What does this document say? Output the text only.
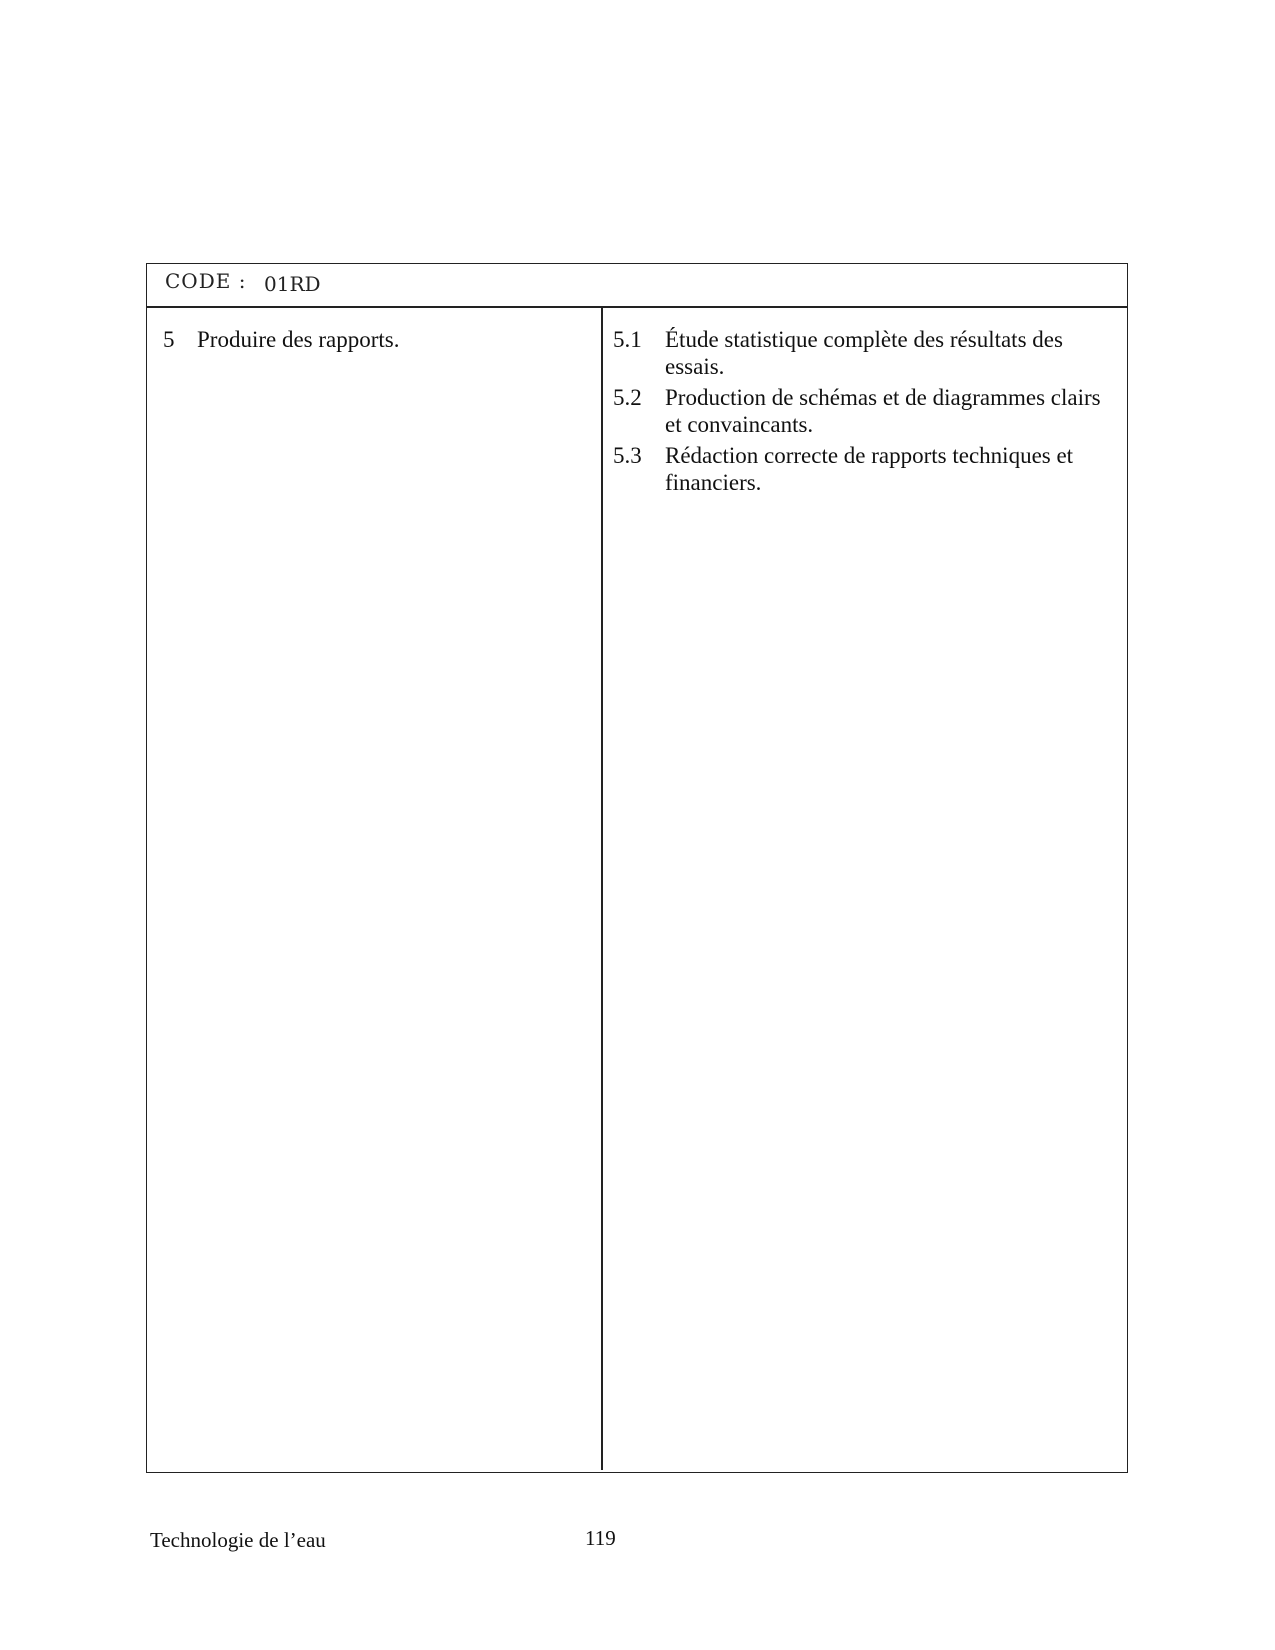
CODE : 01RD
5 Produire des rapports.	5.1	Étude statistique complète des résultats des essais.
5.2	Production de schémas et de diagrammes clairs et convaincants.
5.3	Rédaction correcte de rapports techniques et financiers.
Technologie de l’eau	119
